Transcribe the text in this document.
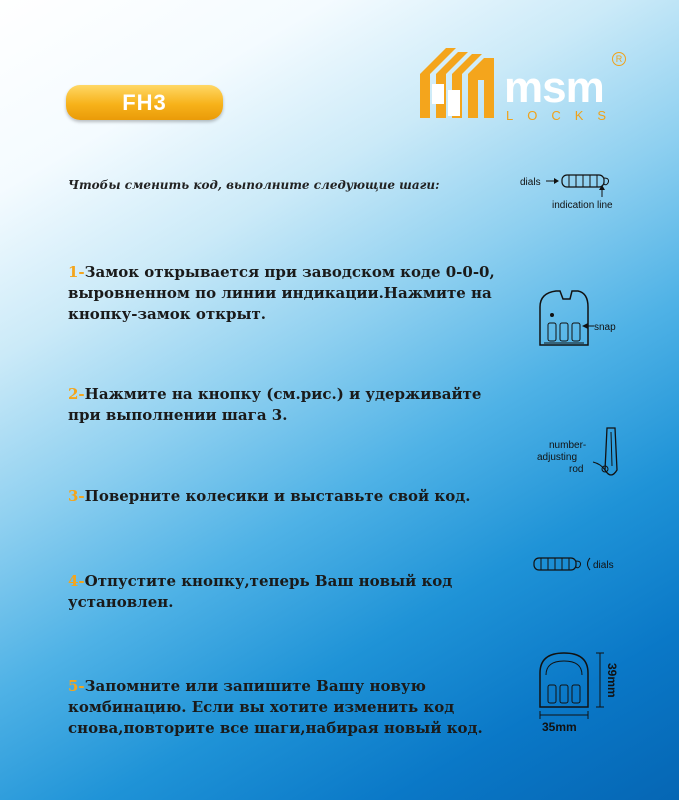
FH3	msm
LOCKS
R
Чтобы сменить код, выполните следующие шаги:
1-Замок открывается при заводском коде 0-0-0, выровненном по линии индикации.Нажмите на кнопку-замок открыт.
2-Нажмите на кнопку (см.рис.) и удерживайте при выполнении шага 3.
3-Поверните колесики и выставьте свой код.
4-Отпустите кнопку,теперь Ваш новый код установлен.
5-Запомните или запишите Вашу новую комбинацию. Если вы хотите изменить код снова,повторите все шаги,набирая новый код.
dials
indication line
snap
number-
adjusting
rod
dials
39mm
35mm
